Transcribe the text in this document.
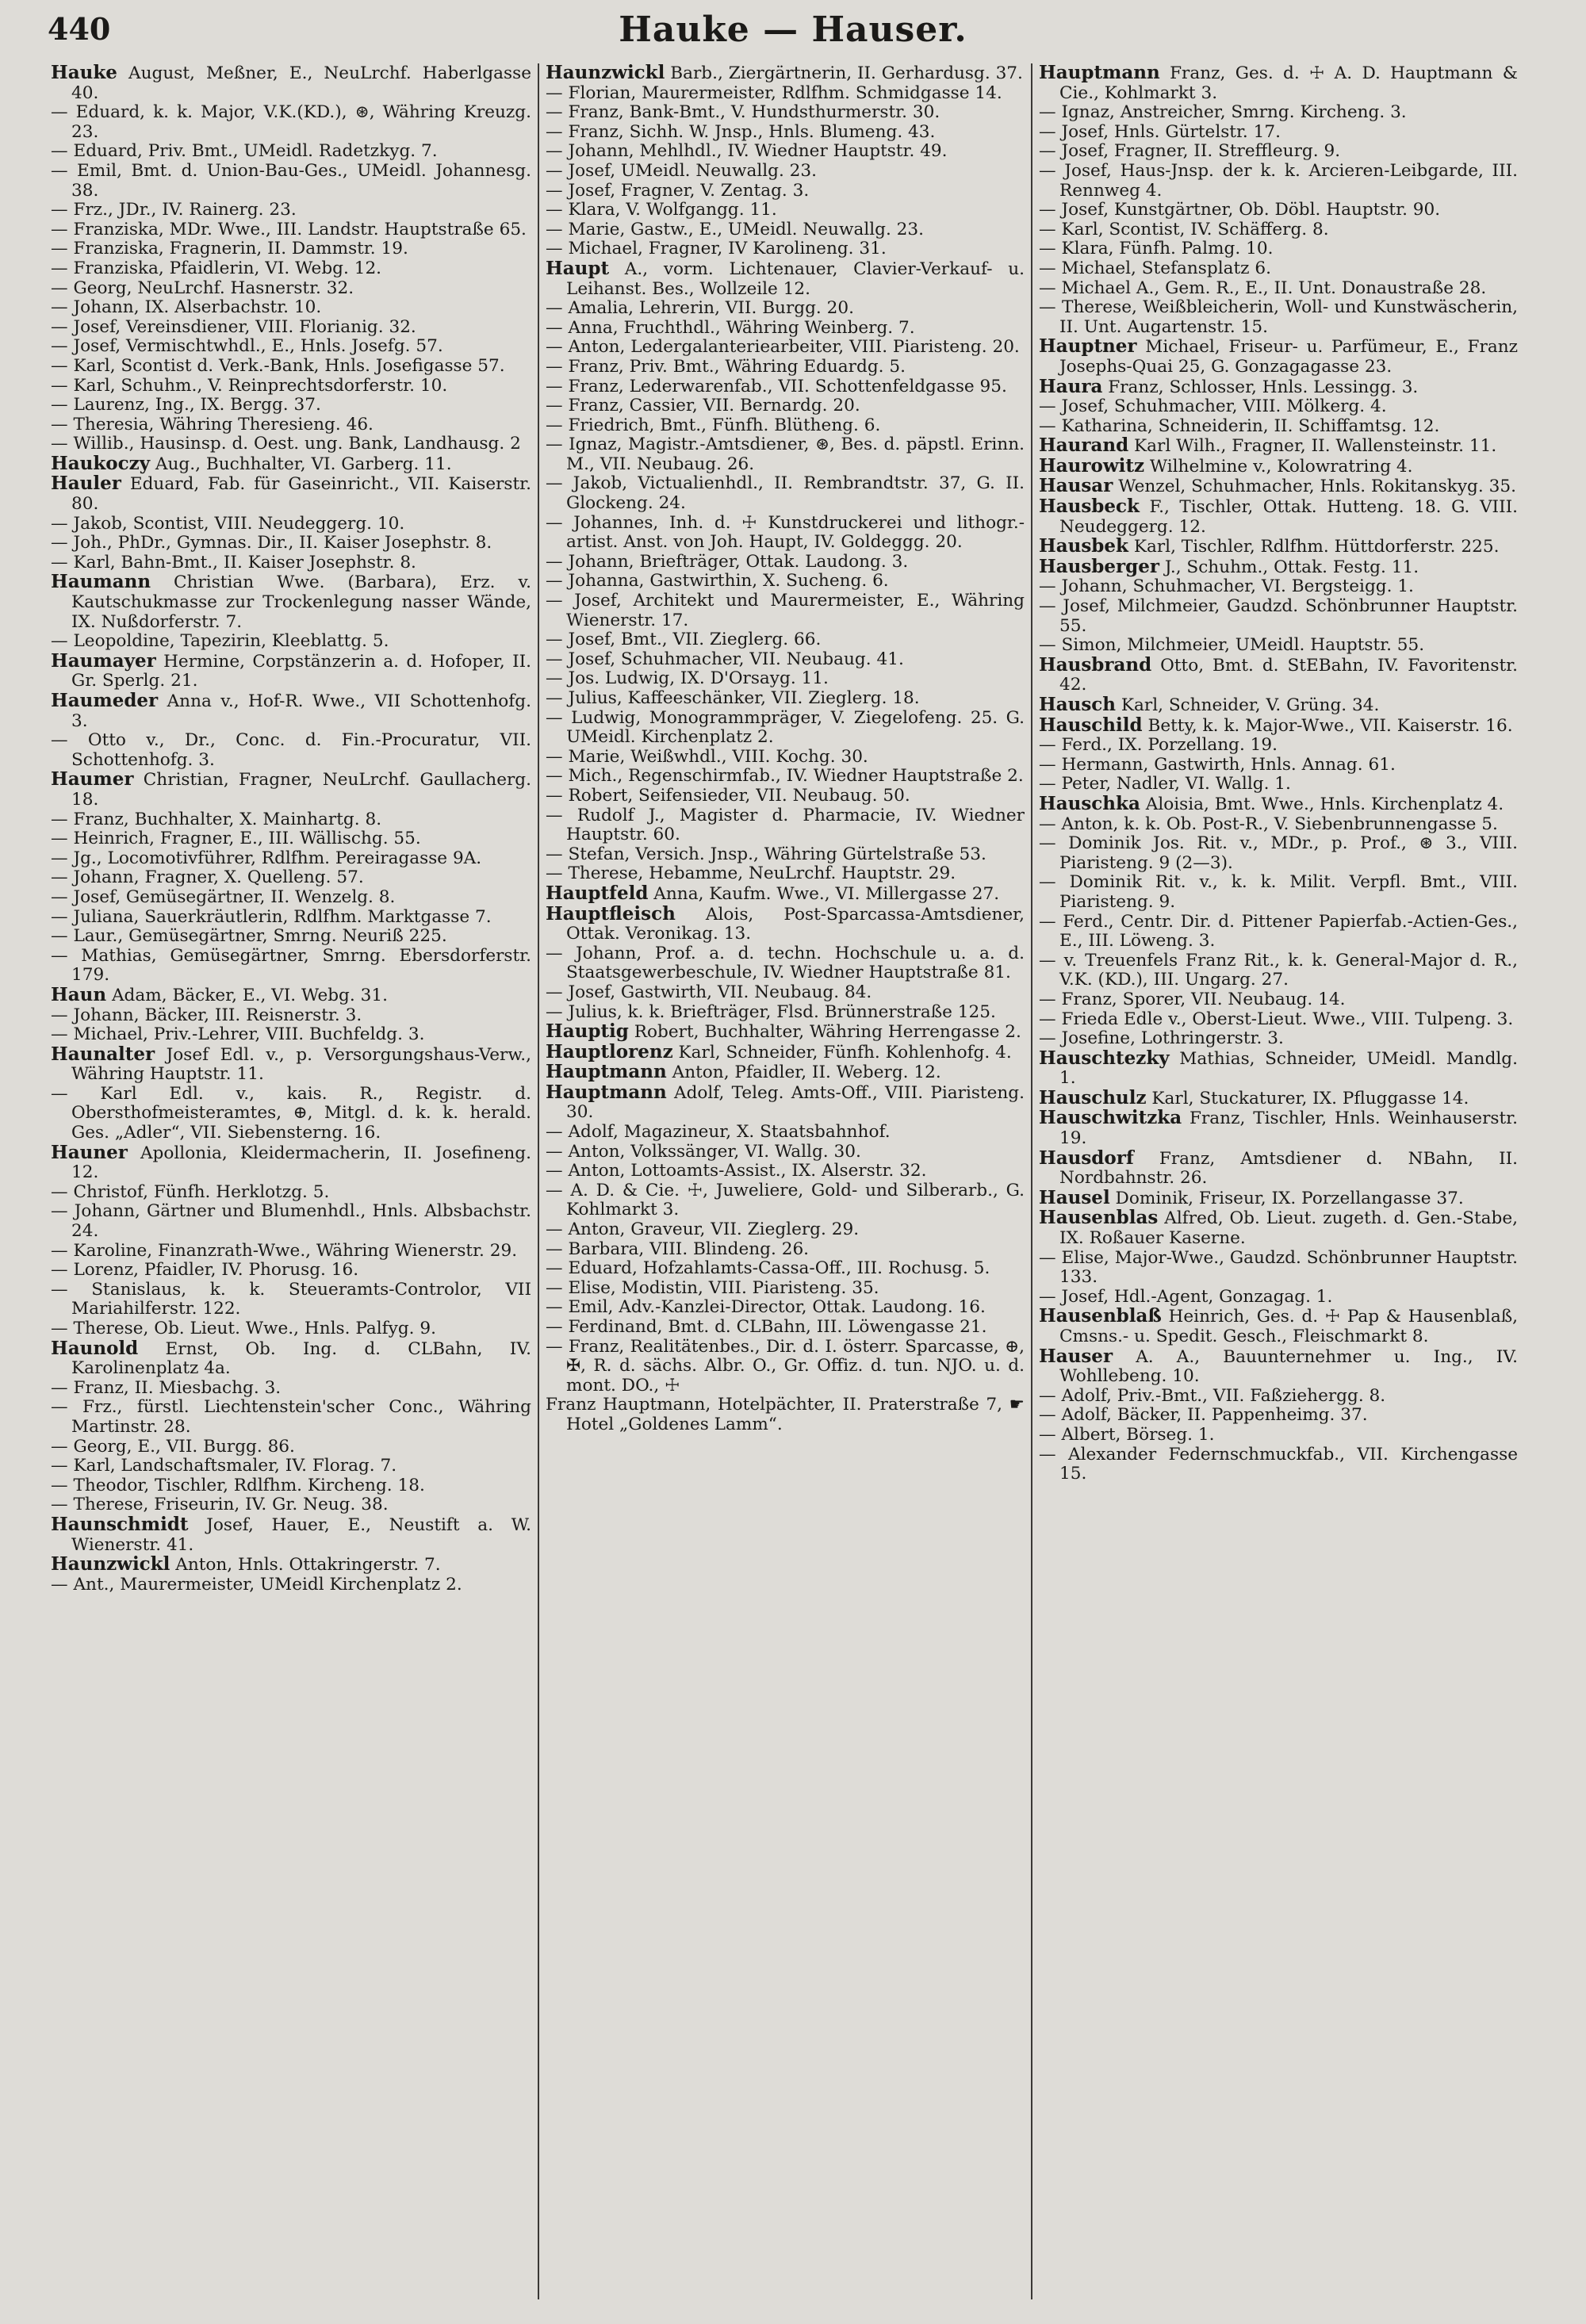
440	Hauke — Hauser.

Hauke August, Meßner, E., NeuLrchf. Haberlgasse 40.

— Eduard, k. k. Major, V.K.(KD.), ⊛, Währing Kreuzg. 23.

— Eduard, Priv. Bmt., UMeidl. Radetzkyg. 7.

— Emil, Bmt. d. Union-Bau-Ges., UMeidl. Johannesg. 38.

— Frz., JDr., IV. Rainerg. 23.

— Franziska, MDr. Wwe., III. Landstr. Hauptstraße 65.

— Franziska, Fragnerin, II. Dammstr. 19.

— Franziska, Pfaidlerin, VI. Webg. 12.

— Georg, NeuLrchf. Hasnerstr. 32.

— Johann, IX. Alserbachstr. 10.

— Josef, Vereinsdiener, VIII. Florianig. 32.

— Josef, Vermischtwhdl., E., Hnls. Josefg. 57.

— Karl, Scontist d. Verk.-Bank, Hnls. Josefigasse 57.

— Karl, Schuhm., V. Reinprechtsdorferstr. 10.

— Laurenz, Ing., IX. Bergg. 37.

— Theresia, Währing Theresieng. 46.

— Willib., Hausinsp. d. Oest. ung. Bank, Landhausg. 2

Haukoczy Aug., Buchhalter, VI. Garberg. 11.

Hauler Eduard, Fab. für Gaseinricht., VII. Kaiserstr. 80.

— Jakob, Scontist, VIII. Neudeggerg. 10.

— Joh., PhDr., Gymnas. Dir., II. Kaiser Josephstr. 8.

— Karl, Bahn-Bmt., II. Kaiser Josephstr. 8.

Haumann Christian Wwe. (Barbara), Erz. v. Kautschukmasse zur Trockenlegung nasser Wände, IX. Nußdorferstr. 7.

— Leopoldine, Tapezirin, Kleeblattg. 5.

Haumayer Hermine, Corpstänzerin a. d. Hofoper, II. Gr. Sperlg. 21.

Haumeder Anna v., Hof-R. Wwe., VII Schottenhofg. 3.

— Otto v., Dr., Conc. d. Fin.-Procuratur, VII. Schottenhofg. 3.

Haumer Christian, Fragner, NeuLrchf. Gaullacherg. 18.

— Franz, Buchhalter, X. Mainhartg. 8.

— Heinrich, Fragner, E., III. Wällischg. 55.

— Jg., Locomotivführer, Rdlfhm. Pereiragasse 9A.

— Johann, Fragner, X. Quelleng. 57.

— Josef, Gemüsegärtner, II. Wenzelg. 8.

— Juliana, Sauerkräutlerin, Rdlfhm. Marktgasse 7.

— Laur., Gemüsegärtner, Smrng. Neuriß 225.

— Mathias, Gemüsegärtner, Smrng. Ebersdorferstr. 179.

Haun Adam, Bäcker, E., VI. Webg. 31.

— Johann, Bäcker, III. Reisnerstr. 3.

— Michael, Priv.-Lehrer, VIII. Buchfeldg. 3.

Haunalter Josef Edl. v., p. Versorgungshaus-Verw., Währing Hauptstr. 11.

— Karl Edl. v., kais. R., Registr. d. Obersthofmeisteramtes, ⊕, Mitgl. d. k. k. herald. Ges. „Adler“, VII. Siebensterng. 16.

Hauner Apollonia, Kleidermacherin, II. Josefineng. 12.

— Christof, Fünfh. Herklotzg. 5.

— Johann, Gärtner und Blumenhdl., Hnls. Albsbachstr. 24.

— Karoline, Finanzrath-Wwe., Währing Wienerstr. 29.

— Lorenz, Pfaidler, IV. Phorusg. 16.

— Stanislaus, k. k. Steueramts-Controlor, VII Mariahilferstr. 122.

— Therese, Ob. Lieut. Wwe., Hnls. Palfyg. 9.

Haunold Ernst, Ob. Ing. d. CLBahn, IV. Karolinenplatz 4a.

— Franz, II. Miesbachg. 3.

— Frz., fürstl. Liechtenstein'scher Conc., Währing Martinstr. 28.

— Georg, E., VII. Burgg. 86.

— Karl, Landschaftsmaler, IV. Florag. 7.

— Theodor, Tischler, Rdlfhm. Kircheng. 18.

— Therese, Friseurin, IV. Gr. Neug. 38.

Haunschmidt Josef, Hauer, E., Neustift a. W. Wienerstr. 41.

Haunzwickl Anton, Hnls. Ottakringerstr. 7.

— Ant., Maurermeister, UMeidl Kirchenplatz 2.

Haunzwickl Barb., Ziergärtnerin, II. Gerhardusg. 37.

— Florian, Maurermeister, Rdlfhm. Schmidgasse 14.

— Franz, Bank-Bmt., V. Hundsthurmerstr. 30.

— Franz, Sichh. W. Jnsp., Hnls. Blumeng. 43.

— Johann, Mehlhdl., IV. Wiedner Hauptstr. 49.

— Josef, UMeidl. Neuwallg. 23.

— Josef, Fragner, V. Zentag. 3.

— Klara, V. Wolfgangg. 11.

— Marie, Gastw., E., UMeidl. Neuwallg. 23.

— Michael, Fragner, IV Karolineng. 31.

Haupt A., vorm. Lichtenauer, Clavier-Verkauf- u. Leihanst. Bes., Wollzeile 12.

— Amalia, Lehrerin, VII. Burgg. 20.

— Anna, Fruchthdl., Währing Weinberg. 7.

— Anton, Ledergalanteriearbeiter, VIII. Piaristeng. 20.

— Franz, Priv. Bmt., Währing Eduardg. 5.

— Franz, Lederwarenfab., VII. Schottenfeldgasse 95.

— Franz, Cassier, VII. Bernardg. 20.

— Friedrich, Bmt., Fünfh. Blütheng. 6.

— Ignaz, Magistr.-Amtsdiener, ⊛, Bes. d. päpstl. Erinn. M., VII. Neubaug. 26.

— Jakob, Victualienhdl., II. Rembrandtstr. 37, G. II. Glockeng. 24.

— Johannes, Inh. d. ☩ Kunstdruckerei und lithogr.-artist. Anst. von Joh. Haupt, IV. Goldeggg. 20.

— Johann, Briefträger, Ottak. Laudong. 3.

— Johanna, Gastwirthin, X. Sucheng. 6.

— Josef, Architekt und Maurermeister, E., Währing Wienerstr. 17.

— Josef, Bmt., VII. Zieglerg. 66.

— Josef, Schuhmacher, VII. Neubaug. 41.

— Jos. Ludwig, IX. D'Orsayg. 11.

— Julius, Kaffeeschänker, VII. Zieglerg. 18.

— Ludwig, Monogrammpräger, V. Ziegelofeng. 25. G. UMeidl. Kirchenplatz 2.

— Marie, Weißwhdl., VIII. Kochg. 30.

— Mich., Regenschirmfab., IV. Wiedner Hauptstraße 2.

— Robert, Seifensieder, VII. Neubaug. 50.

— Rudolf J., Magister d. Pharmacie, IV. Wiedner Hauptstr. 60.

— Stefan, Versich. Jnsp., Währing Gürtelstraße 53.

— Therese, Hebamme, NeuLrchf. Hauptstr. 29.

Hauptfeld Anna, Kaufm. Wwe., VI. Millergasse 27.

Hauptfleisch Alois, Post-Sparcassa-Amtsdiener, Ottak. Veronikag. 13.

— Johann, Prof. a. d. techn. Hochschule u. a. d. Staatsgewerbeschule, IV. Wiedner Hauptstraße 81.

— Josef, Gastwirth, VII. Neubaug. 84.

— Julius, k. k. Briefträger, Flsd. Brünnerstraße 125.

Hauptig Robert, Buchhalter, Währing Herrengasse 2.

Hauptlorenz Karl, Schneider, Fünfh. Kohlenhofg. 4.

Hauptmann Anton, Pfaidler, II. Weberg. 12.

Hauptmann Adolf, Teleg. Amts-Off., VIII. Piaristeng. 30.

— Adolf, Magazineur, X. Staatsbahnhof.

— Anton, Volkssänger, VI. Wallg. 30.

— Anton, Lottoamts-Assist., IX. Alserstr. 32.

— A. D. & Cie. ☩, Juweliere, Gold- und Silberarb., G. Kohlmarkt 3.

— Anton, Graveur, VII. Zieglerg. 29.

— Barbara, VIII. Blindeng. 26.

— Eduard, Hofzahlamts-Cassa-Off., III. Rochusg. 5.

— Elise, Modistin, VIII. Piaristeng. 35.

— Emil, Adv.-Kanzlei-Director, Ottak. Laudong. 16.

— Ferdinand, Bmt. d. CLBahn, III. Löwengasse 21.

— Franz, Realitätenbes., Dir. d. I. österr. Sparcasse, ⊕, ✠, R. d. sächs. Albr. O., Gr. Offiz. d. tun. NJO. u. d. mont. DO., ☩

Franz Hauptmann, Hotelpächter, II. Praterstraße 7, ☛ Hotel „Goldenes Lamm“.

Hauptmann Franz, Ges. d. ☩ A. D. Hauptmann & Cie., Kohlmarkt 3.

— Ignaz, Anstreicher, Smrng. Kircheng. 3.

— Josef, Hnls. Gürtelstr. 17.

— Josef, Fragner, II. Streffleurg. 9.

— Josef, Haus-Jnsp. der k. k. Arcieren-Leibgarde, III. Rennweg 4.

— Josef, Kunstgärtner, Ob. Döbl. Hauptstr. 90.

— Karl, Scontist, IV. Schäfferg. 8.

— Klara, Fünfh. Palmg. 10.

— Michael, Stefansplatz 6.

— Michael A., Gem. R., E., II. Unt. Donaustraße 28.

— Therese, Weißbleicherin, Woll- und Kunstwäscherin, II. Unt. Augartenstr. 15.

Hauptner Michael, Friseur- u. Parfümeur, E., Franz Josephs-Quai 25, G. Gonzagagasse 23.

Haura Franz, Schlosser, Hnls. Lessingg. 3.

— Josef, Schuhmacher, VIII. Mölkerg. 4.

— Katharina, Schneiderin, II. Schiffamtsg. 12.

Haurand Karl Wilh., Fragner, II. Wallensteinstr. 11.

Haurowitz Wilhelmine v., Kolowratring 4.

Hausar Wenzel, Schuhmacher, Hnls. Rokitanskyg. 35.

Hausbeck F., Tischler, Ottak. Hutteng. 18. G. VIII. Neudeggerg. 12.

Hausbek Karl, Tischler, Rdlfhm. Hüttdorferstr. 225.

Hausberger J., Schuhm., Ottak. Festg. 11.

— Johann, Schuhmacher, VI. Bergsteigg. 1.

— Josef, Milchmeier, Gaudzd. Schönbrunner Hauptstr. 55.

— Simon, Milchmeier, UMeidl. Hauptstr. 55.

Hausbrand Otto, Bmt. d. StEBahn, IV. Favoritenstr. 42.

Hausch Karl, Schneider, V. Grüng. 34.

Hauschild Betty, k. k. Major-Wwe., VII. Kaiserstr. 16.

— Ferd., IX. Porzellang. 19.

— Hermann, Gastwirth, Hnls. Annag. 61.

— Peter, Nadler, VI. Wallg. 1.

Hauschka Aloisia, Bmt. Wwe., Hnls. Kirchenplatz 4.

— Anton, k. k. Ob. Post-R., V. Siebenbrunnengasse 5.

— Dominik Jos. Rit. v., MDr., p. Prof., ⊛ 3., VIII. Piaristeng. 9 (2—3).

— Dominik Rit. v., k. k. Milit. Verpfl. Bmt., VIII. Piaristeng. 9.

— Ferd., Centr. Dir. d. Pittener Papierfab.-Actien-Ges., E., III. Löweng. 3.

— v. Treuenfels Franz Rit., k. k. General-Major d. R., V.K. (KD.), III. Ungarg. 27.

— Franz, Sporer, VII. Neubaug. 14.

— Frieda Edle v., Oberst-Lieut. Wwe., VIII. Tulpeng. 3.

— Josefine, Lothringerstr. 3.

Hauschtezky Mathias, Schneider, UMeidl. Mandlg. 1.

Hauschulz Karl, Stuckaturer, IX. Pfluggasse 14.

Hauschwitzka Franz, Tischler, Hnls. Weinhauserstr. 19.

Hausdorf Franz, Amtsdiener d. NBahn, II. Nordbahnstr. 26.

Hausel Dominik, Friseur, IX. Porzellangasse 37.

Hausenblas Alfred, Ob. Lieut. zugeth. d. Gen.-Stabe, IX. Roßauer Kaserne.

— Elise, Major-Wwe., Gaudzd. Schönbrunner Hauptstr. 133.

— Josef, Hdl.-Agent, Gonzagag. 1.

Hausenblaß Heinrich, Ges. d. ☩ Pap & Hausenblaß, Cmsns.- u. Spedit. Gesch., Fleischmarkt 8.

Hauser A. A., Bauunternehmer u. Ing., IV. Wohllebeng. 10.

— Adolf, Priv.-Bmt., VII. Faßziehergg. 8.

— Adolf, Bäcker, II. Pappenheimg. 37.

— Albert, Börseg. 1.

— Alexander Federnschmuckfab., VII. Kirchengasse 15.
